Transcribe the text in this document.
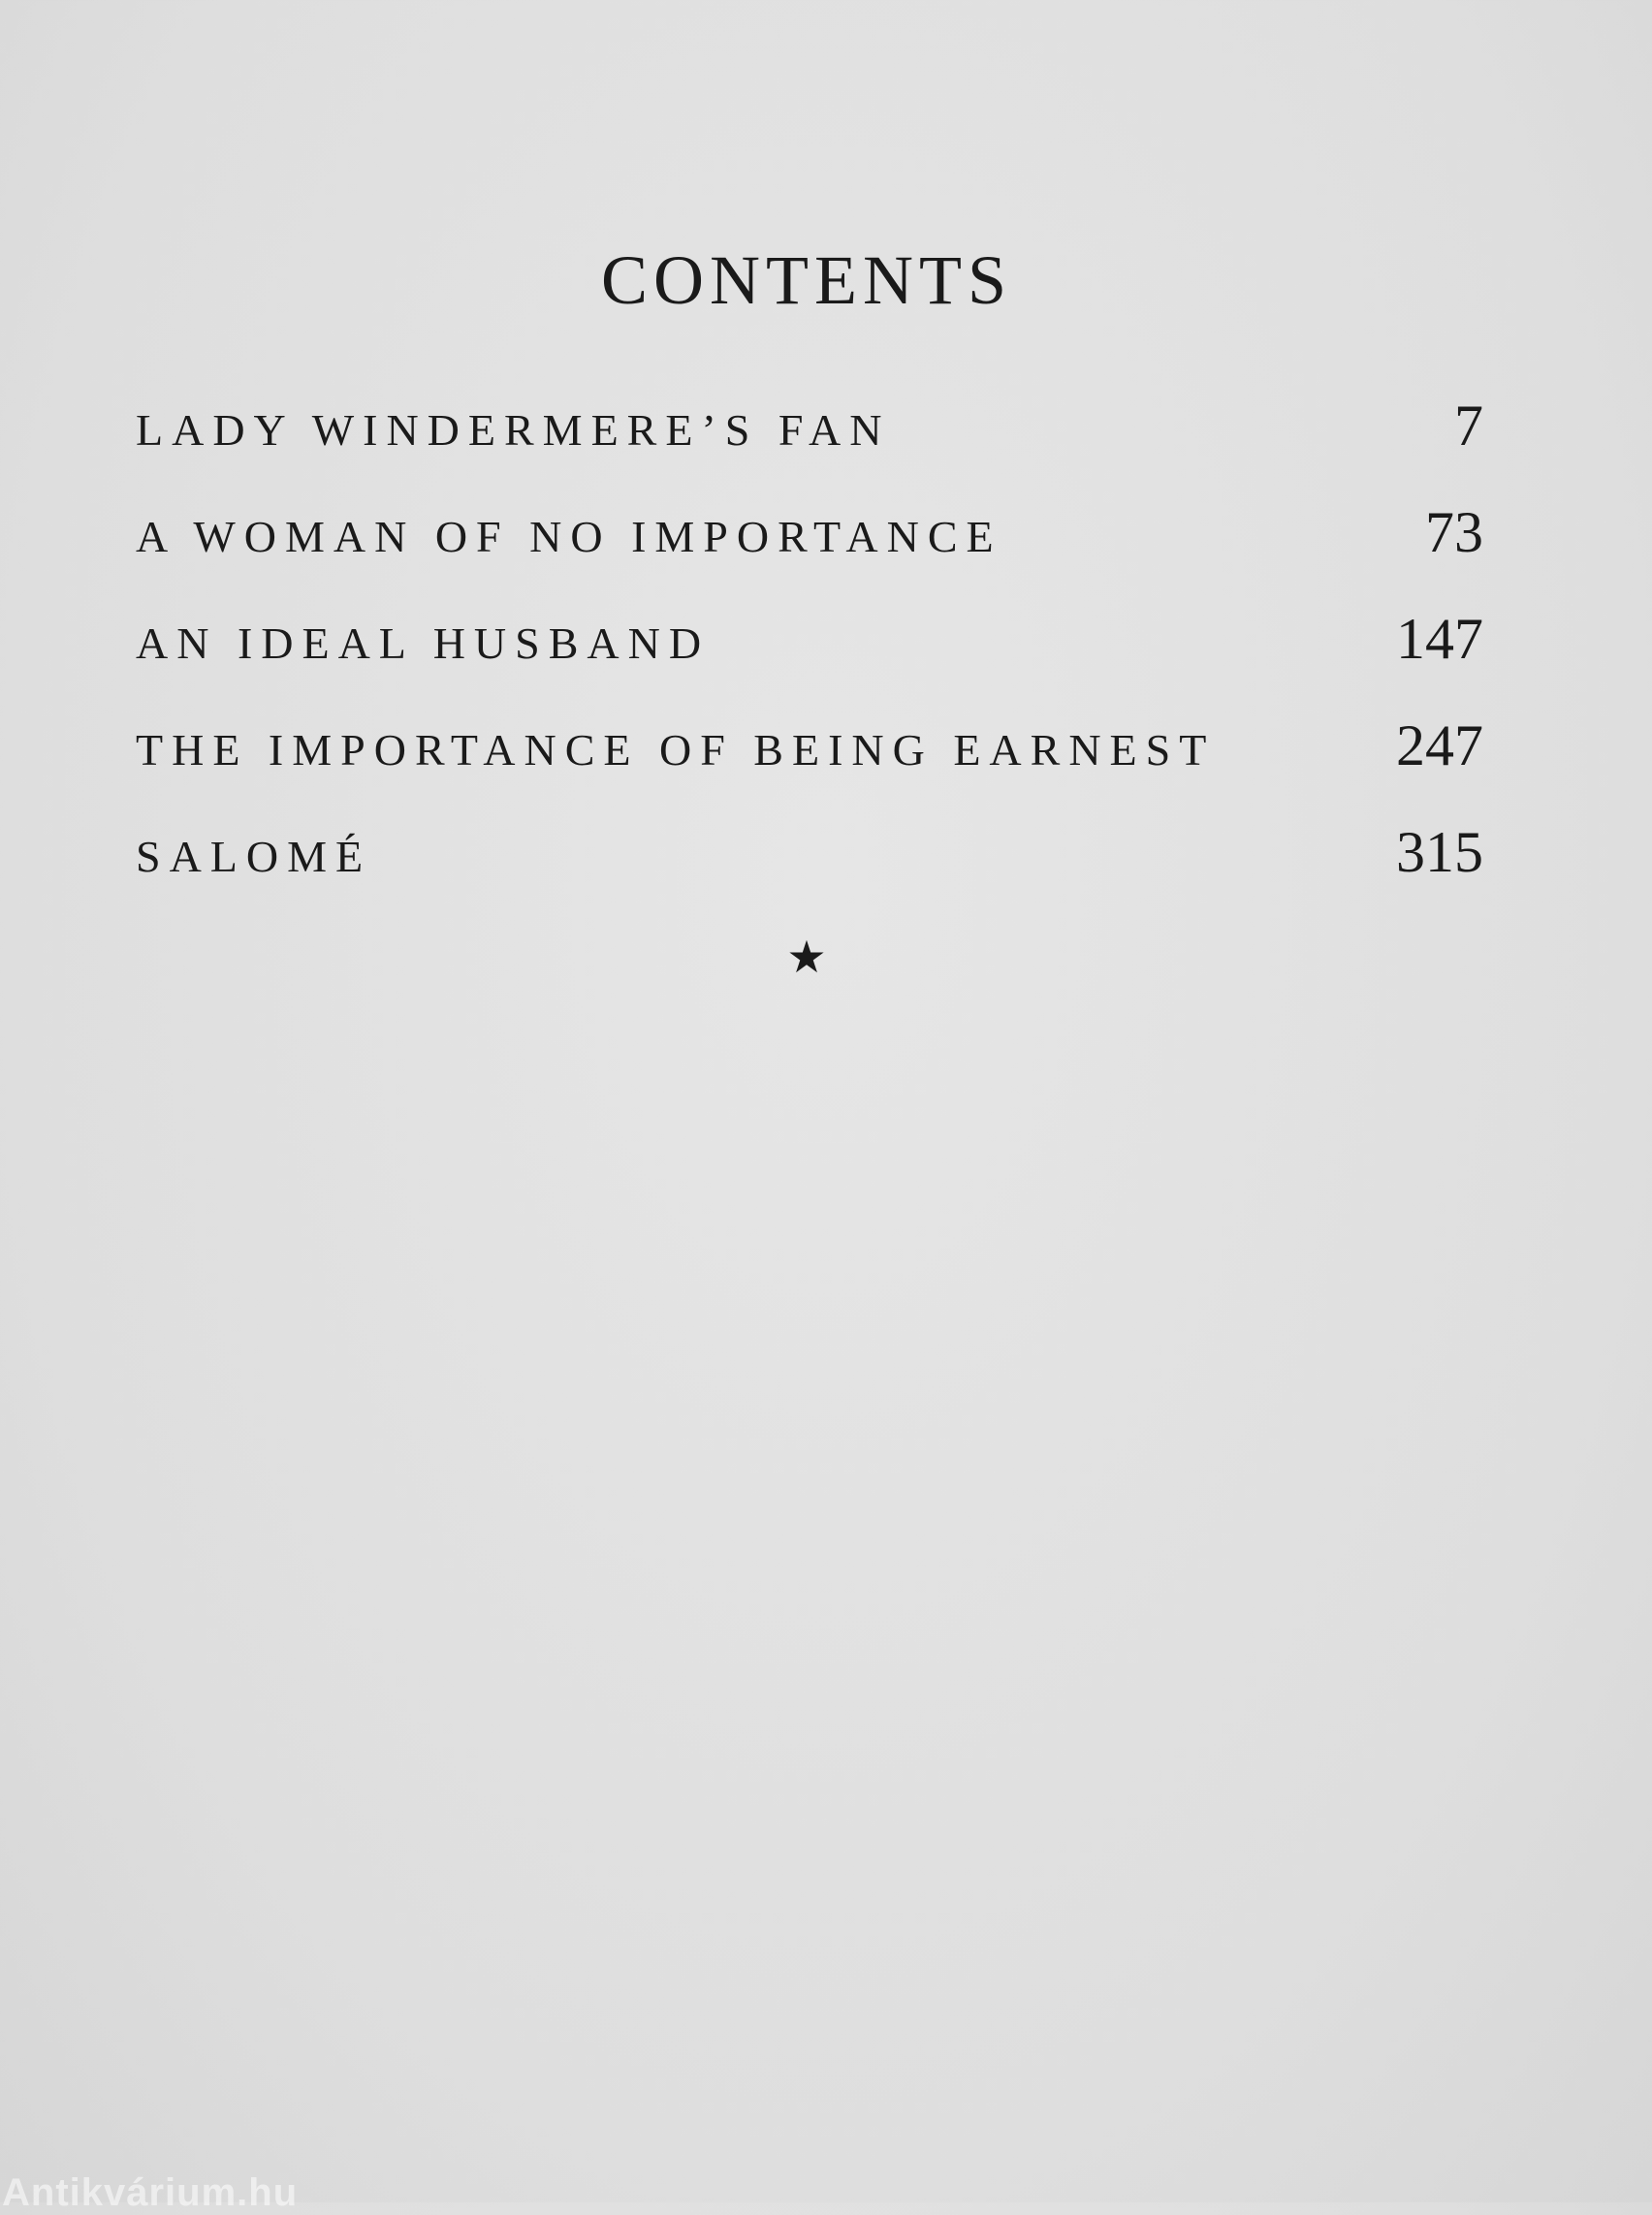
CONTENTS
LADY WINDERMERE’S FAN	7
A WOMAN OF NO IMPORTANCE	73
AN IDEAL HUSBAND	147
THE IMPORTANCE OF BEING EARNEST	247
SALOMÉ	315
★
Antikvárium.hu
